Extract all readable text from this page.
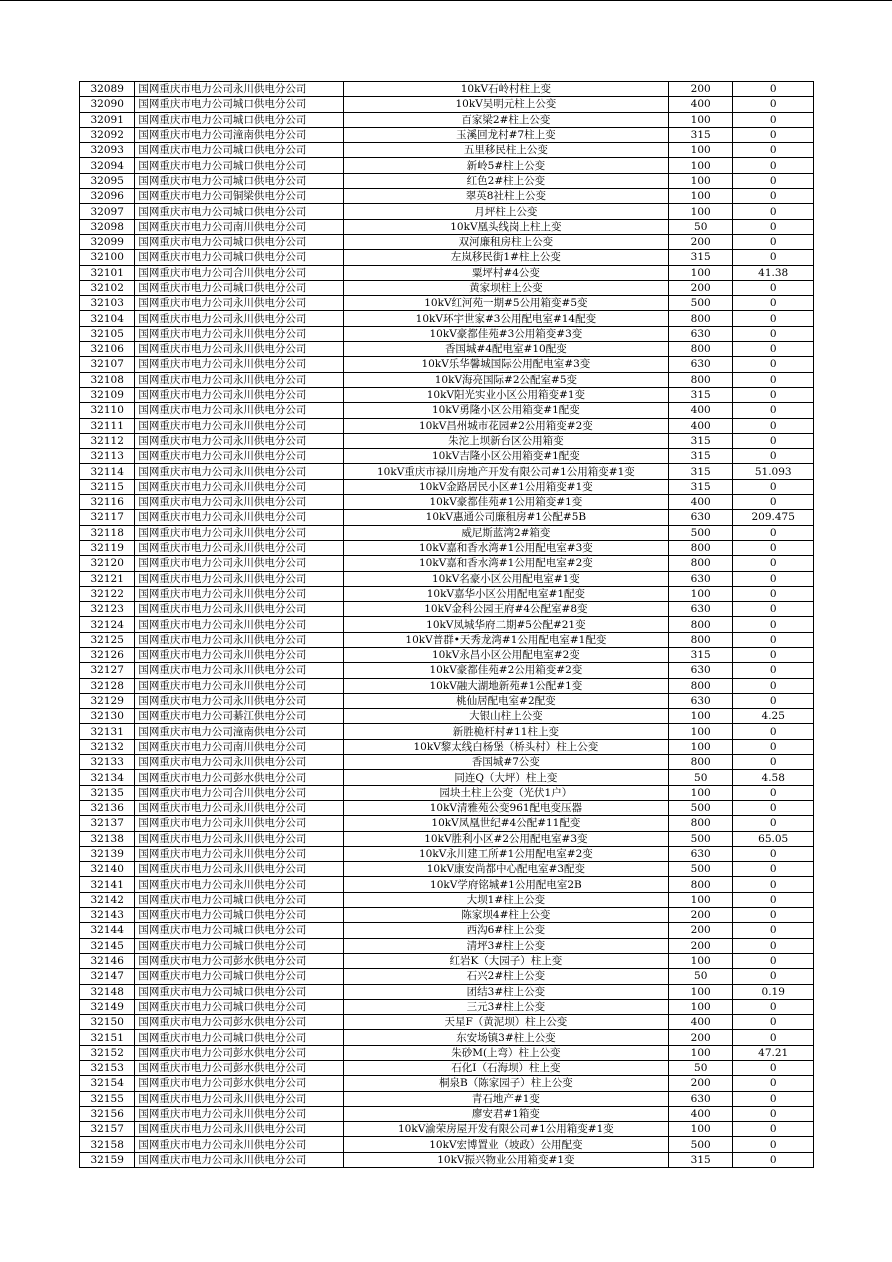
32089	国网重庆市电力公司永川供电分公司	10kV石岭村柱上变	200	0
32090	国网重庆市电力公司城口供电分公司	10kV吴明元柱上公变	400	0
32091	国网重庆市电力公司城口供电分公司	百家梁2#柱上公变	100	0
32092	国网重庆市电力公司潼南供电分公司	玉溪回龙村#7柱上变	315	0
32093	国网重庆市电力公司城口供电分公司	五里移民柱上公变	100	0
32094	国网重庆市电力公司城口供电分公司	新岭5#柱上公变	100	0
32095	国网重庆市电力公司城口供电分公司	红色2#柱上公变	100	0
32096	国网重庆市电力公司铜梁供电分公司	翠英8社柱上公变	100	0
32097	国网重庆市电力公司城口供电分公司	月坪柱上公变	100	0
32098	国网重庆市电力公司南川供电分公司	10kV凰头线岗上柱上变	50	0
32099	国网重庆市电力公司城口供电分公司	双河廉租房柱上公变	200	0
32100	国网重庆市电力公司城口供电分公司	左岚移民街1#柱上公变	315	0
32101	国网重庆市电力公司合川供电分公司	粟坪村#4公变	100	41.38
32102	国网重庆市电力公司城口供电分公司	黄家坝柱上公变	200	0
32103	国网重庆市电力公司永川供电分公司	10kV红河苑一期#5公用箱变#5变	500	0
32104	国网重庆市电力公司永川供电分公司	10kV环宇世家#3公用配电室#14配变	800	0
32105	国网重庆市电力公司永川供电分公司	10kV豪都佳苑#3公用箱变#3变	630	0
32106	国网重庆市电力公司永川供电分公司	香国城#4配电室#10配变	800	0
32107	国网重庆市电力公司永川供电分公司	10kV乐华馨城国际公用配电室#3变	630	0
32108	国网重庆市电力公司永川供电分公司	10kV海亮国际#2公配室#5变	800	0
32109	国网重庆市电力公司永川供电分公司	10kV阳光实业小区公用箱变#1变	315	0
32110	国网重庆市电力公司永川供电分公司	10kV勇隆小区公用箱变#1配变	400	0
32111	国网重庆市电力公司永川供电分公司	10kV昌州城市花园#2公用箱变#2变	400	0
32112	国网重庆市电力公司永川供电分公司	朱沱上坝新台区公用箱变	315	0
32113	国网重庆市电力公司永川供电分公司	10kV吉隆小区公用箱变#1配变	315	0
32114	国网重庆市电力公司永川供电分公司	10kV重庆市禄川房地产开发有限公司#1公用箱变#1变	315	51.093
32115	国网重庆市电力公司永川供电分公司	10kV金路居民小区#1公用箱变#1变	315	0
32116	国网重庆市电力公司永川供电分公司	10kV豪都佳苑#1公用箱变#1变	400	0
32117	国网重庆市电力公司永川供电分公司	10kV惠通公司廉租房#1公配#5B	630	209.475
32118	国网重庆市电力公司永川供电分公司	威尼斯蓝湾2#箱变	500	0
32119	国网重庆市电力公司永川供电分公司	10kV嘉和香水湾#1公用配电室#3变	800	0
32120	国网重庆市电力公司永川供电分公司	10kV嘉和香水湾#1公用配电室#2变	800	0
32121	国网重庆市电力公司永川供电分公司	10kV名豪小区公用配电室#1变	630	0
32122	国网重庆市电力公司永川供电分公司	10kV嘉华小区公用配电室#1配变	100	0
32123	国网重庆市电力公司永川供电分公司	10kV金科公园王府#4公配室#8变	630	0
32124	国网重庆市电力公司永川供电分公司	10kV凤城华府二期#5公配#21变	800	0
32125	国网重庆市电力公司永川供电分公司	10kV普群•天秀龙湾#1公用配电室#1配变	800	0
32126	国网重庆市电力公司永川供电分公司	10kV永昌小区公用配电室#2变	315	0
32127	国网重庆市电力公司永川供电分公司	10kV豪都佳苑#2公用箱变#2变	630	0
32128	国网重庆市电力公司永川供电分公司	10kV融大湖地新苑#1公配#1变	800	0
32129	国网重庆市电力公司永川供电分公司	桃仙居配电室#2配变	630	0
32130	国网重庆市电力公司綦江供电分公司	大银山柱上公变	100	4.25
32131	国网重庆市电力公司潼南供电分公司	新胜桅杆村#11柱上变	100	0
32132	国网重庆市电力公司南川供电分公司	10kV黎太线白杨堡（桥头村）柱上公变	100	0
32133	国网重庆市电力公司永川供电分公司	香国城#7公变	800	0
32134	国网重庆市电力公司彭水供电分公司	同连Q（大坪）柱上变	50	4.58
32135	国网重庆市电力公司合川供电分公司	园块土柱上公变（光伏1户）	100	0
32136	国网重庆市电力公司永川供电分公司	10kV清雅苑公变961配电变压器	500	0
32137	国网重庆市电力公司永川供电分公司	10kV凤凰世纪#4公配#11配变	800	0
32138	国网重庆市电力公司永川供电分公司	10kV胜利小区#2公用配电室#3变	500	65.05
32139	国网重庆市电力公司永川供电分公司	10kV永川建工所#1公用配电室#2变	630	0
32140	国网重庆市电力公司永川供电分公司	10kV康安尚都中心配电室#3配变	500	0
32141	国网重庆市电力公司永川供电分公司	10kV学府铭城#1公用配电室2B	800	0
32142	国网重庆市电力公司城口供电分公司	大坝1#柱上公变	100	0
32143	国网重庆市电力公司城口供电分公司	陈家坝4#柱上公变	200	0
32144	国网重庆市电力公司城口供电分公司	西沟6#柱上公变	200	0
32145	国网重庆市电力公司城口供电分公司	清坪3#柱上公变	200	0
32146	国网重庆市电力公司彭水供电分公司	红岩K（大园子）柱上变	100	0
32147	国网重庆市电力公司城口供电分公司	石兴2#柱上公变	50	0
32148	国网重庆市电力公司城口供电分公司	团结3#柱上公变	100	0.19
32149	国网重庆市电力公司城口供电分公司	三元3#柱上公变	100	0
32150	国网重庆市电力公司彭水供电分公司	天星F（黄泥坝）柱上公变	400	0
32151	国网重庆市电力公司城口供电分公司	东安场镇3#柱上公变	200	0
32152	国网重庆市电力公司彭水供电分公司	朱砂M(上弯）柱上公变	100	47.21
32153	国网重庆市电力公司彭水供电分公司	石化I（石海坝）柱上变	50	0
32154	国网重庆市电力公司彭水供电分公司	桐泉B（陈家园子）柱上公变	200	0
32155	国网重庆市电力公司永川供电分公司	青石地产#1变	630	0
32156	国网重庆市电力公司永川供电分公司	廖安君#1箱变	400	0
32157	国网重庆市电力公司永川供电分公司	10kV渝荣房屋开发有限公司#1公用箱变#1变	100	0
32158	国网重庆市电力公司永川供电分公司	10kV宏博置业（坡政）公用配变	500	0
32159	国网重庆市电力公司永川供电分公司	10kV振兴物业公用箱变#1变	315	0
